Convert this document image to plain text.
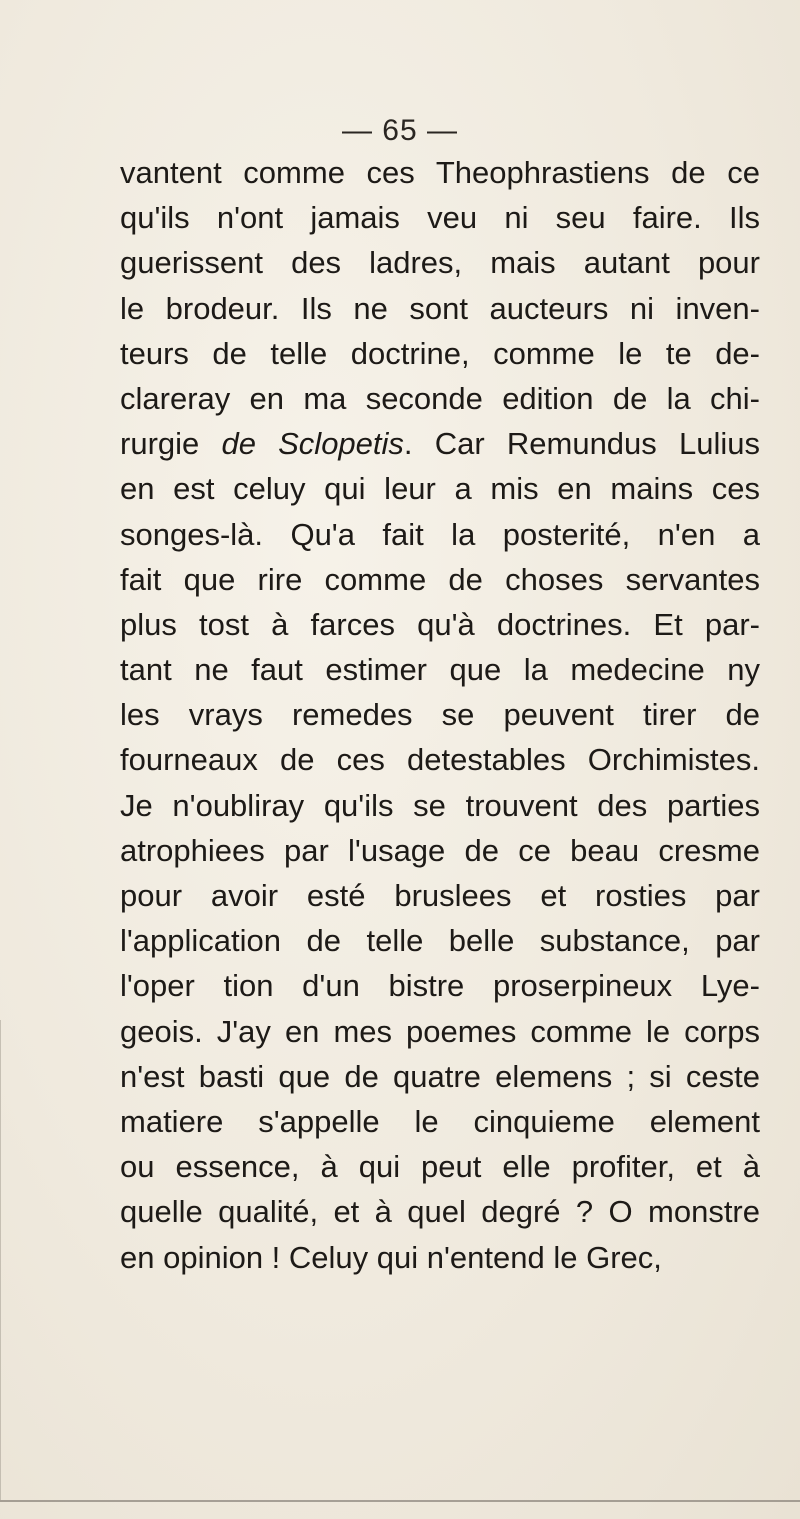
— 65 —
vantent comme ces Theophrastiens de ce
qu'ils n'ont jamais veu ni seu faire. Ils
guerissent des ladres, mais autant pour
le brodeur. Ils ne sont aucteurs ni inven-
teurs de telle doctrine, comme le te de-
clareray en ma seconde edition de la chi-
rurgie de Sclopetis. Car Remundus Lulius
en est celuy qui leur a mis en mains ces
songes-là. Qu'a fait la posterité, n'en a
fait que rire comme de choses servantes
plus tost à farces qu'à doctrines. Et par-
tant ne faut estimer que la medecine ny
les vrays remedes se peuvent tirer de
fourneaux de ces detestables Orchimistes.
Je n'oubliray qu'ils se trouvent des parties
atrophiees par l'usage de ce beau cresme
pour avoir esté bruslees et rosties par
l'application de telle belle substance, par
l'oper tion d'un bistre proserpineux Lye-
geois. J'ay en mes poemes comme le corps
n'est basti que de quatre elemens ; si ceste
matiere s'appelle le cinquieme element
ou essence, à qui peut elle profiter, et à
quelle qualité, et à quel degré ? O monstre
en opinion ! Celuy qui n'entend le Grec,
